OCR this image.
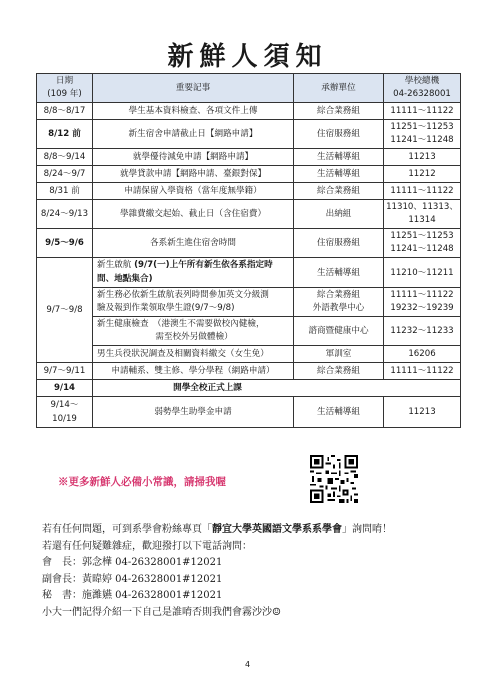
新鮮人須知
日期
(109 年)	重要記事	承辦單位	學校總機
04-26328001

8/8～8/17	學生基本資料檢查、各項文件上傳	綜合業務組	11111～11122
8/12 前	新生宿舍申請截止日【網路申請】	住宿服務組	11251～11253
11241～11248

8/8～9/14	就學優待減免申請【網路申請】	生活輔導組	11213
8/24～9/7	就學貸款申請【網路申請、臺銀對保】	生活輔導組	11212
8/31 前	申請保留入學資格（當年度無學籍）	綜合業務組	11111～11122
8/24～9/13	學雜費繳交起始、截止日（含住宿費）	出納組	11310、11313、
11314

9/5～9/6	各系新生進住宿舍時間	住宿服務組	11251～11253
11241～11248

9/7～9/8	新生啟航 (9/7(一)上午所有新生依各系指定時
間、地點集合)	生活輔導組	11210～11211

	新生務必依新生啟航表列時間參加英文分級測
驗及報到作業領取學生證(9/7～9/8)	綜合業務組
外語教學中心	11111～11122
19232～19239

	新生健康檢查　（港澳生不需要做校內健檢，
需至校外另做體檢）	諮商暨健康中心	11232～11233
	男生兵役狀況調查及相關資料繳交（女生免）	軍訓室	16206
9/7～9/11	申請輔系、雙主修、學分學程（網路申請）	綜合業務組	11111～11122
9/14	開學全校正式上課		
9/14～10/19	弱勢學生助學金申請	生活輔導組	11213
※更多新鮮人必備小常識，請掃我喔
若有任何問題，可到系學會粉絲專頁「靜宜大學英國語文學系系學會」詢問唷！
若還有任何疑難雜症，歡迎撥打以下電話詢問：
會　長：郭念樺 04-26328001#12021
副會長：黃暐婷 04-26328001#12021
秘　書：施濰嬿 04-26328001#12021
小大一們記得介紹一下自己是誰唷否則我們會霧沙沙☺
4
